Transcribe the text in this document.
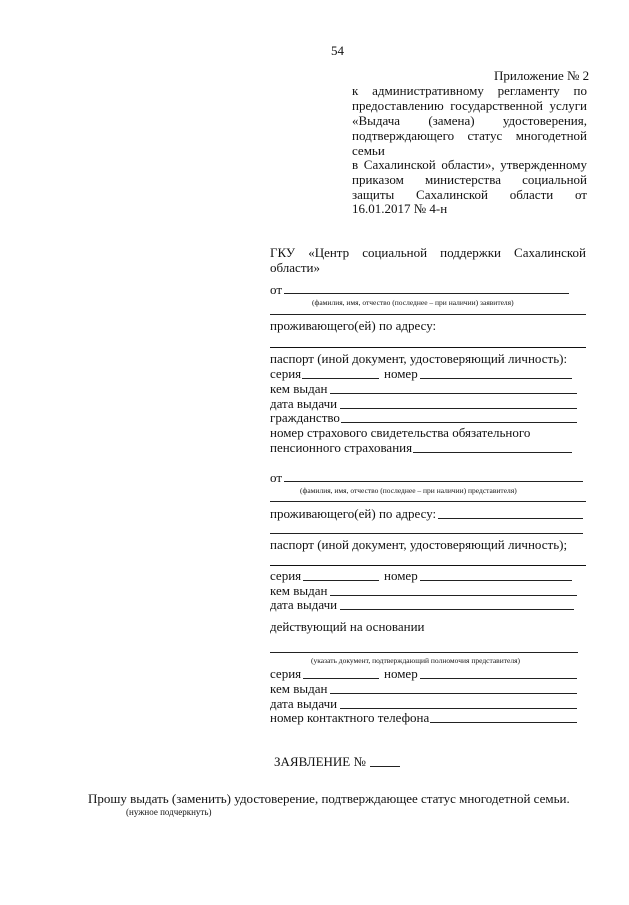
54
Приложение № 2
к административному регламенту по
предоставлению государственной услуги
«Выдача (замена) удостоверения,
подтверждающего статус многодетной
семьи
в Сахалинской области», утвержденному
приказом министерства социальной
защиты Сахалинской области от
16.01.2017 № 4-н
ГКУ «Центр социальной поддержки Сахалинской
области»
от
(фамилия, имя, отчество (последнее – при наличии) заявителя)
проживающего(ей) по адресу:
паспорт (иной документ, удостоверяющий личность):
серия	номер
кем выдан
дата выдачи
гражданство
номер страхового свидетельства обязательного
пенсионного страхования
от
(фамилия, имя, отчество (последнее – при наличии) представителя)
проживающего(ей) по адресу:
паспорт (иной документ, удостоверяющий личность);
серия	номер
кем выдан
дата выдачи
действующий на основании
(указать документ, подтверждающий полномочия представителя)
серия	номер
кем выдан
дата выдачи
номер контактного телефона
ЗАЯВЛЕНИЕ №
Прошу выдать (заменить) удостоверение, подтверждающее статус многодетной семьи.
(нужное подчеркнуть)
